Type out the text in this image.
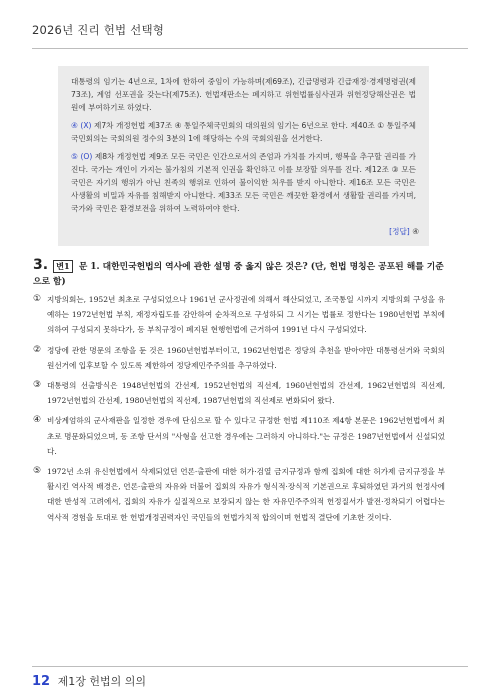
2026년 진리 헌법 선택형

대통령의 임기는 4년으로, 1차에 한하여 중임이 가능하며(제69조), 긴급명령과 긴급재정·경제명령권(제73조), 계엄 선포권을 갖는다(제75조). 헌법재판소는 폐지하고 위헌법률심사권과 위헌정당해산권은 법원에 부여하기로 하였다.

④ (X) 제7차 개정헌법 제37조 ④ 통일주체국민회의 대의원의 임기는 6년으로 한다. 제40조 ① 통일주체국민회의는 국회의원 정수의 3분의 1에 해당하는 수의 국회의원을 선거한다.

⑤ (O) 제8차 개정헌법 제9조 모든 국민은 인간으로서의 존엄과 가치를 가지며, 행복을 추구할 권리를 가진다. 국가는 개인이 가지는 불가침의 기본적 인권을 확인하고 이를 보장할 의무를 진다. 제12조 ③ 모든 국민은 자기의 행위가 아닌 친족의 행위로 인하여 불이익한 처우를 받지 아니한다. 제16조 모든 국민은 사생활의 비밀과 자유를 침해받지 아니한다. 제33조 모든 국민은 깨끗한 환경에서 생활할 권리를 가지며, 국가와 국민은 환경보전을 위하여 노력하여야 한다.

[정답] ④
3. 변1 문 1. 대한민국헌법의 역사에 관한 설명 중 옳지 않은 것은? (단, 헌법 명칭은 공포된 해를 기준으로 함)
① 지방의회는, 1952년 최초로 구성되었으나 1961년 군사정권에 의해서 해산되었고, 조국통일 시까지 지방의회 구성을 유예하는 1972년헌법 부칙, 재정자립도를 감안하여 순차적으로 구성하되 그 시기는 법률로 정한다는 1980년헌법 부칙에 의하여 구성되지 못하다가, 동 부칙규정이 폐지된 현행헌법에 근거하여 1991년 다시 구성되었다.
② 정당에 관한 명문의 조항을 둔 것은 1960년헌법부터이고, 1962년헌법은 정당의 추천을 받아야만 대통령선거와 국회의원선거에 입후보할 수 있도록 제한하여 정당제민주주의를 추구하였다.
③ 대통령의 선출방식은 1948년헌법의 간선제, 1952년헌법의 직선제, 1960년헌법의 간선제, 1962년헌법의 직선제, 1972년헌법의 간선제, 1980년헌법의 직선제, 1987년헌법의 직선제로 변화되어 왔다.
④ 비상계엄하의 군사재판을 일정한 경우에 단심으로 할 수 있다고 규정한 헌법 제110조 제4항 본문은 1962년헌법에서 최초로 명문화되었으며, 동 조항 단서의 "사형을 선고한 경우에는 그러하지 아니하다."는 규정은 1987년헌법에서 신설되었다.
⑤ 1972년 소위 유신헌법에서 삭제되었던 언론·출판에 대한 허가·검열 금지규정과 함께 집회에 대한 허가제 금지규정을 부활시킨 역사적 배경은, 언론·출판의 자유와 더불어 집회의 자유가 형식적·장식적 기본권으로 후퇴하였던 과거의 헌정사에 대한 반성적 고려에서, 집회의 자유가 실질적으로 보장되지 않는 한 자유민주주의적 헌정질서가 발전·정착되기 어렵다는 역사적 경험을 토대로 한 헌법개정권력자인 국민들의 헌법가치적 합의이며 헌법적 결단에 기초한 것이다.
12 제1장 헌법의 의의
